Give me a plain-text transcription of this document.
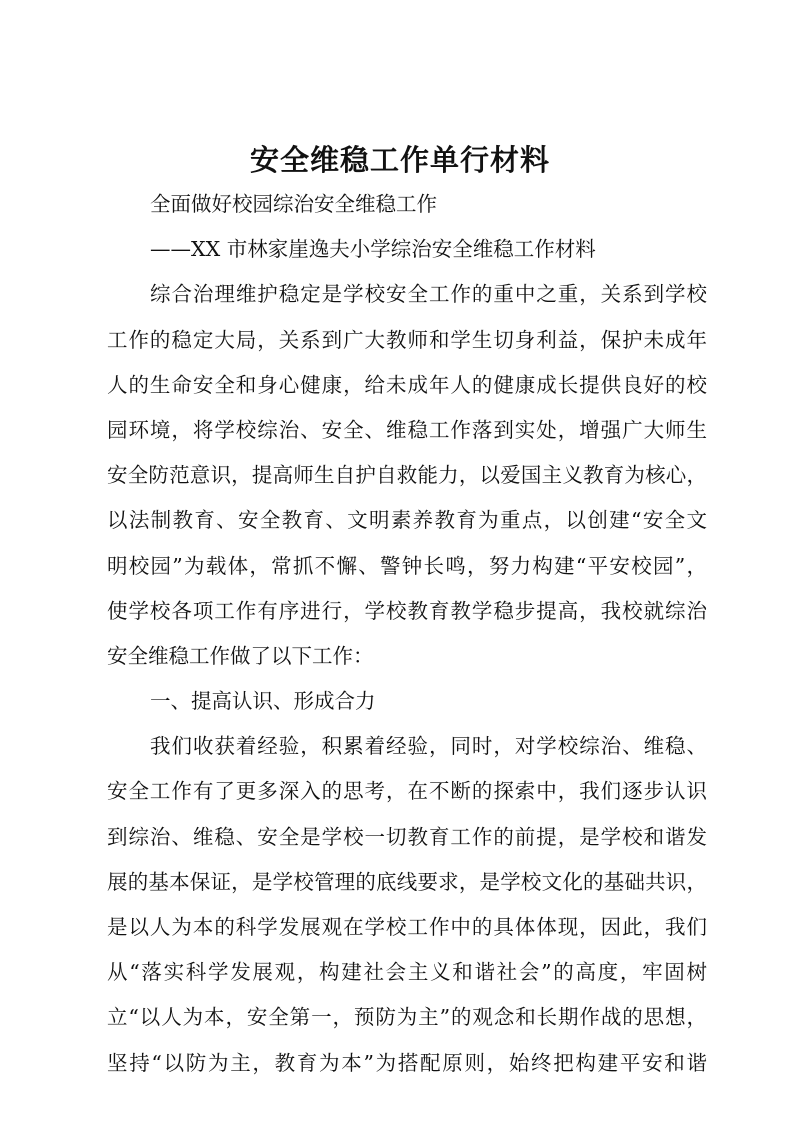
安全维稳工作单行材料
全面做好校园综治安全维稳工作
——XX 市林家崖逸夫小学综治安全维稳工作材料
综合治理维护稳定是学校安全工作的重中之重，关系到学校
工作的稳定大局，关系到广大教师和学生切身利益，保护未成年
人的生命安全和身心健康，给未成年人的健康成长提供良好的校
园环境，将学校综治、安全、维稳工作落到实处，增强广大师生
安全防范意识，提高师生自护自救能力，以爱国主义教育为核心，
以法制教育、安全教育、文明素养教育为重点，以创建“安全文
明校园”为载体，常抓不懈、警钟长鸣，努力构建“平安校园”，
使学校各项工作有序进行，学校教育教学稳步提高，我校就综治
安全维稳工作做了以下工作：
一、提高认识、形成合力
我们收获着经验，积累着经验，同时，对学校综治、维稳、
安全工作有了更多深入的思考，在不断的探索中，我们逐步认识
到综治、维稳、安全是学校一切教育工作的前提，是学校和谐发
展的基本保证，是学校管理的底线要求，是学校文化的基础共识，
是以人为本的科学发展观在学校工作中的具体体现，因此，我们
从“落实科学发展观，构建社会主义和谐社会”的高度，牢固树
立“以人为本，安全第一，预防为主”的观念和长期作战的思想，
坚持“以防为主，教育为本”为搭配原则，始终把构建平安和谐
